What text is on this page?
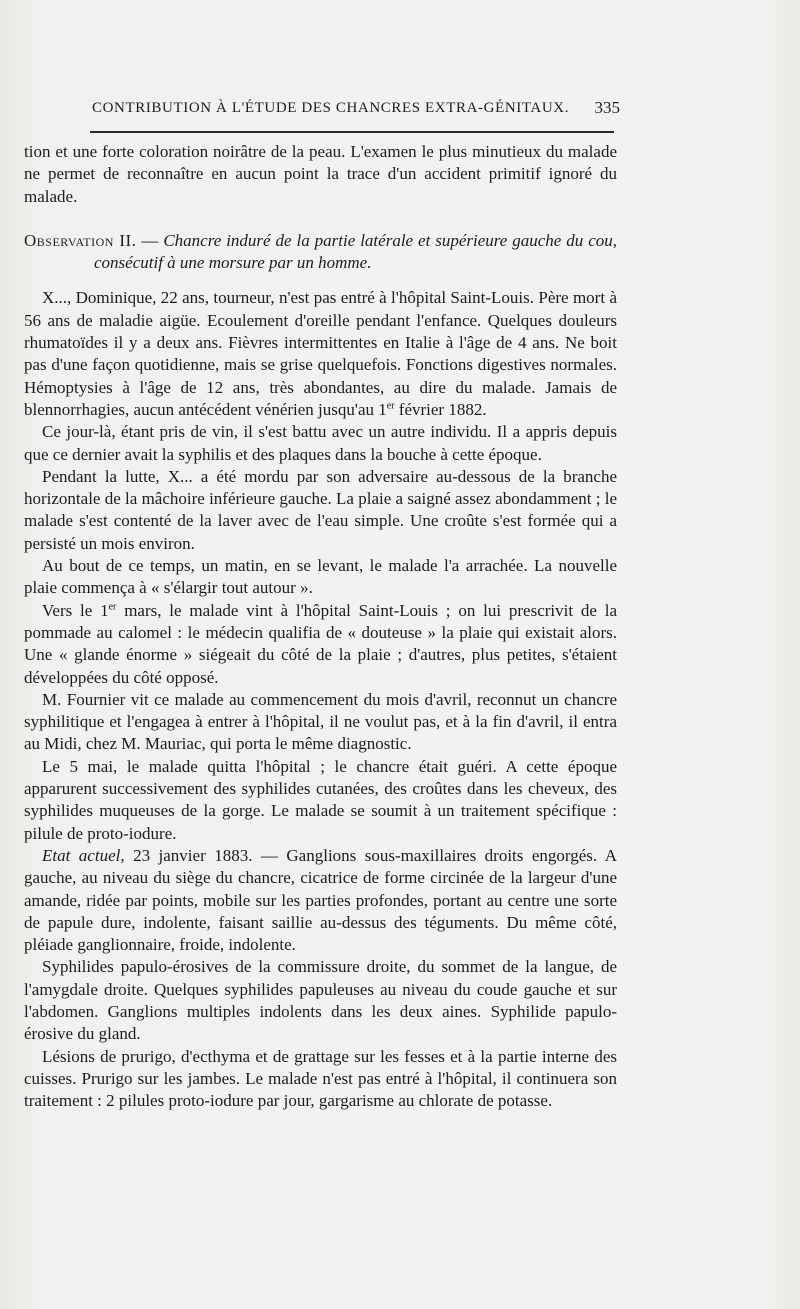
CONTRIBUTION À L'ÉTUDE DES CHANCRES EXTRA-GÉNITAUX. 335

tion et une forte coloration noirâtre de la peau. L'examen le plus minutieux du malade ne permet de reconnaître en aucun point la trace d'un accident primitif ignoré du malade.

Observation II. — Chancre induré de la partie latérale et supérieure gauche du cou, consécutif à une morsure par un homme.

X..., Dominique, 22 ans, tourneur, n'est pas entré à l'hôpital Saint-Louis. Père mort à 56 ans de maladie aigüe. Ecoulement d'oreille pendant l'enfance. Quelques douleurs rhumatoïdes il y a deux ans. Fièvres intermittentes en Italie à l'âge de 4 ans. Ne boit pas d'une façon quotidienne, mais se grise quelquefois. Fonctions digestives normales. Hémoptysies à l'âge de 12 ans, très abondantes, au dire du malade. Jamais de blennorrhagies, aucun antécédent vénérien jusqu'au 1er février 1882.

Ce jour-là, étant pris de vin, il s'est battu avec un autre individu. Il a appris depuis que ce dernier avait la syphilis et des plaques dans la bouche à cette époque.

Pendant la lutte, X... a été mordu par son adversaire au-dessous de la branche horizontale de la mâchoire inférieure gauche. La plaie a saigné assez abondamment ; le malade s'est contenté de la laver avec de l'eau simple. Une croûte s'est formée qui a persisté un mois environ.

Au bout de ce temps, un matin, en se levant, le malade l'a arrachée. La nouvelle plaie commença à « s'élargir tout autour ».

Vers le 1er mars, le malade vint à l'hôpital Saint-Louis ; on lui prescrivit de la pommade au calomel : le médecin qualifia de « douteuse » la plaie qui existait alors. Une « glande énorme » siégeait du côté de la plaie ; d'autres, plus petites, s'étaient développées du côté opposé.

M. Fournier vit ce malade au commencement du mois d'avril, reconnut un chancre syphilitique et l'engagea à entrer à l'hôpital, il ne voulut pas, et à la fin d'avril, il entra au Midi, chez M. Mauriac, qui porta le même diagnostic.

Le 5 mai, le malade quitta l'hôpital ; le chancre était guéri. A cette époque apparurent successivement des syphilides cutanées, des croûtes dans les cheveux, des syphilides muqueuses de la gorge. Le malade se soumit à un traitement spécifique : pilule de proto-iodure.

Etat actuel, 23 janvier 1883. — Ganglions sous-maxillaires droits engorgés. A gauche, au niveau du siège du chancre, cicatrice de forme circinée de la largeur d'une amande, ridée par points, mobile sur les parties profondes, portant au centre une sorte de papule dure, indolente, faisant saillie au-dessus des téguments. Du même côté, pléiade ganglionnaire, froide, indolente.

Syphilides papulo-érosives de la commissure droite, du sommet de la langue, de l'amygdale droite. Quelques syphilides papuleuses au niveau du coude gauche et sur l'abdomen. Ganglions multiples indolents dans les deux aines. Syphilide papulo-érosive du gland.

Lésions de prurigo, d'ecthyma et de grattage sur les fesses et à la partie interne des cuisses. Prurigo sur les jambes. Le malade n'est pas entré à l'hôpital, il continuera son traitement : 2 pilules proto-iodure par jour, gargarisme au chlorate de potasse.
